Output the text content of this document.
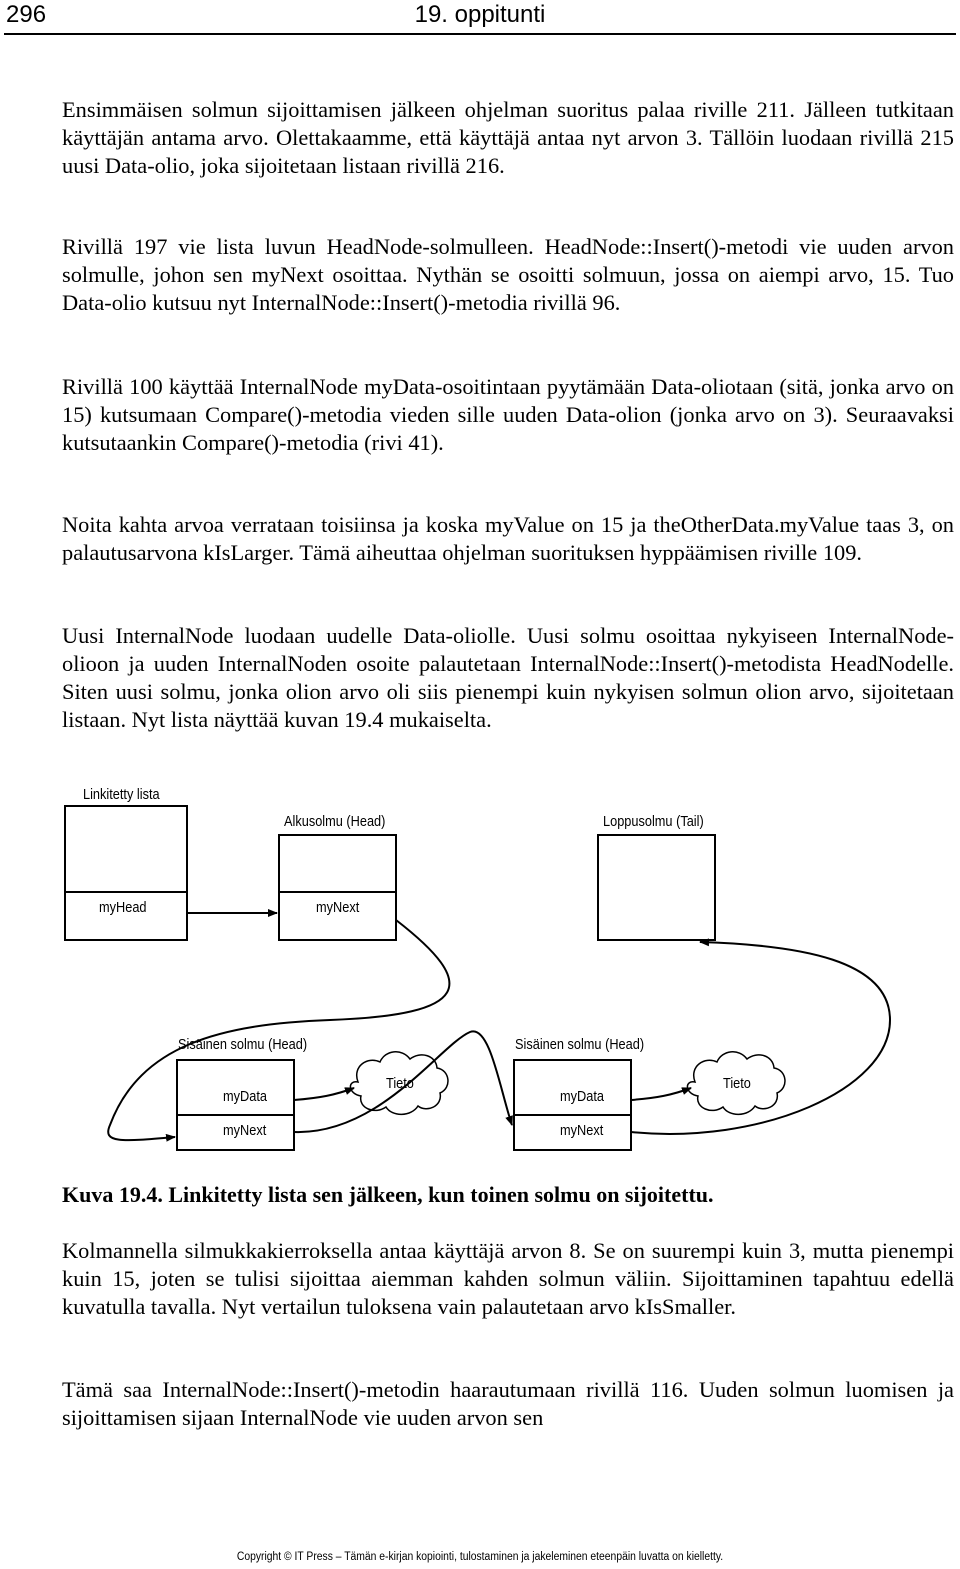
296	19. oppitunti

Ensimmäisen solmun sijoittamisen jälkeen ohjelman suoritus palaa riville 211. Jälleen tutkitaan käyttäjän antama arvo. Olettakaamme, että käyttäjä antaa nyt arvon 3. Tällöin luodaan rivillä 215 uusi Data-olio, joka sijoitetaan listaan rivillä 216.

Rivillä 197 vie lista luvun HeadNode-solmulleen. HeadNode::Insert()-metodi vie uuden arvon solmulle, johon sen myNext osoittaa. Nythän se osoitti solmuun, jossa on aiempi arvo, 15. Tuo Data-olio kutsuu nyt InternalNode::Insert()-metodia rivillä 96.

Rivillä 100 käyttää InternalNode myData-osoitintaan pyytämään Data-oliotaan (sitä, jonka arvo on 15) kutsumaan Compare()-metodia vieden sille uuden Data-olion (jonka arvo on 3). Seuraavaksi kutsutaankin Compare()-metodia (rivi 41).

Noita kahta arvoa verrataan toisiinsa ja koska myValue on 15 ja theOtherData.myValue taas 3, on palautusarvona kIsLarger. Tämä aiheuttaa ohjelman suorituksen hyppäämisen riville 109.

Uusi InternalNode luodaan uudelle Data-oliolle. Uusi solmu osoittaa nykyiseen InternalNode-olioon ja uuden InternalNoden osoite palautetaan InternalNode::Insert()-metodista HeadNodelle. Siten uusi solmu, jonka olion arvo oli siis pienempi kuin nykyisen solmun olion arvo, sijoitetaan listaan. Nyt lista näyttää kuvan 19.4 mukaiselta.

Linkitetty lista
Alkusolmu (Head)	Loppusolmu (Tail)
myHead	myNext
Sisäinen solmu (Head)
myData
myNext
Tieto
Sisäinen solmu (Head)
myData
myNext
Tieto
Kuva 19.4. Linkitetty lista sen jälkeen, kun toinen solmu on sijoitettu.

Kolmannella silmukkakierroksella antaa käyttäjä arvon 8. Se on suurempi kuin 3, mutta pienempi kuin 15, joten se tulisi sijoittaa aiemman kahden solmun väliin. Sijoittaminen tapahtuu edellä kuvatulla tavalla. Nyt vertailun tuloksena vain palautetaan arvo kIsSmaller.

Tämä saa InternalNode::Insert()-metodin haarautumaan rivillä 116. Uuden solmun luomisen ja sijoittamisen sijaan InternalNode vie uuden arvon sen

Copyright © IT Press – Tämän e-kirjan kopiointi, tulostaminen ja jakeleminen eteenpäin luvatta on kielletty.
